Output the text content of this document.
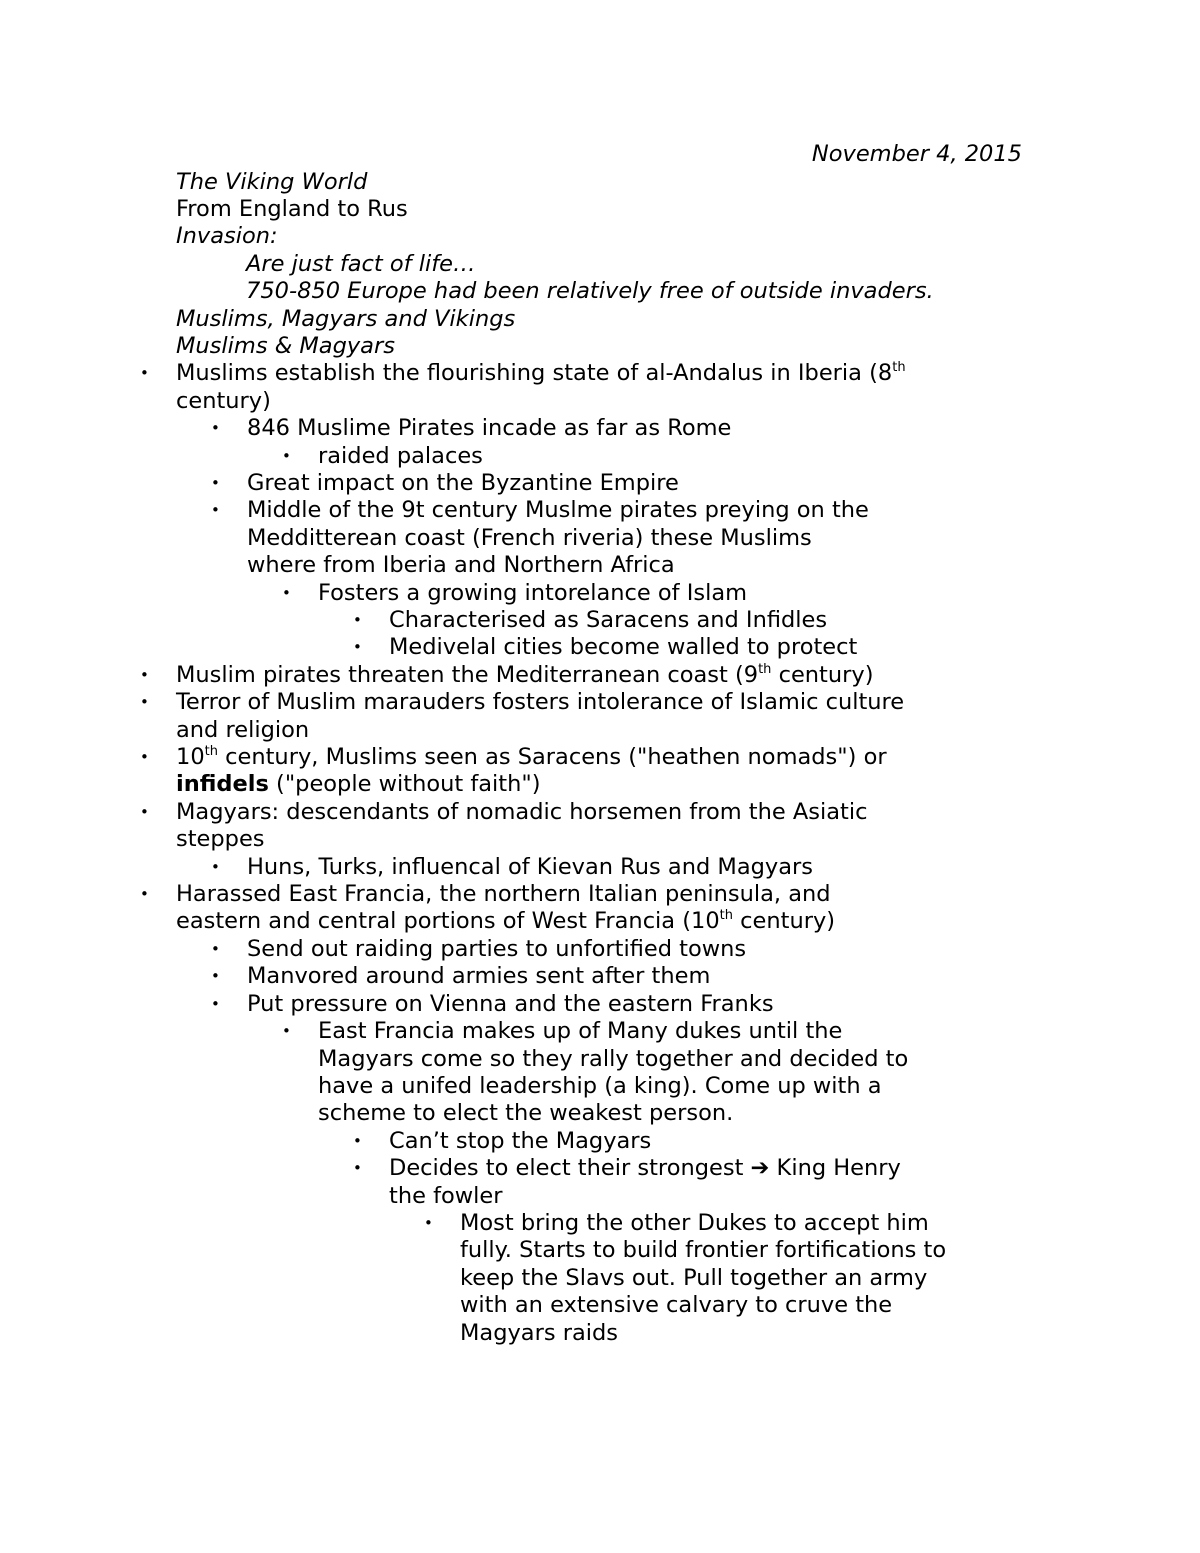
November 4, 2015

The Viking World

From England to Rus

Invasion:

Are just fact of life…

750-850 Europe had been relatively free of outside invaders.

Muslims, Magyars and Vikings

Muslims & Magyars

• Muslims establish the flourishing state of al-Andalus in Iberia (8th century)
• 846 Muslime Pirates incade as far as Rome
• raided palaces
• Great impact on the Byzantine Empire
• Middle of the 9t century Muslme pirates preying on the Medditterean coast (French riveria) these Muslims where from Iberia and Northern Africa
• Fosters a growing intorelance of Islam
• Characterised as Saracens and Infidles
• Medivelal cities become walled to protect
• Muslim pirates threaten the Mediterranean coast (9th century)
• Terror of Muslim marauders fosters intolerance of Islamic culture and religion
• 10th century, Muslims seen as Saracens ("heathen nomads") or infidels ("people without faith")
• Magyars: descendants of nomadic horsemen from the Asiatic steppes
• Huns, Turks, influencal of Kievan Rus and Magyars
• Harassed East Francia, the northern Italian peninsula, and eastern and central portions of West Francia (10th century)
• Send out raiding parties to unfortified towns
• Manvored around armies sent after them
• Put pressure on Vienna and the eastern Franks
• East Francia makes up of Many dukes until the Magyars come so they rally together and decided to have a unifed leadership (a king). Come up with a scheme to elect the weakest person.
• Can’t stop the Magyars
• Decides to elect their strongest ➔ King Henry the fowler
• Most bring the other Dukes to accept him fully. Starts to build frontier fortifications to keep the Slavs out. Pull together an army with an extensive calvary to cruve the Magyars raids
